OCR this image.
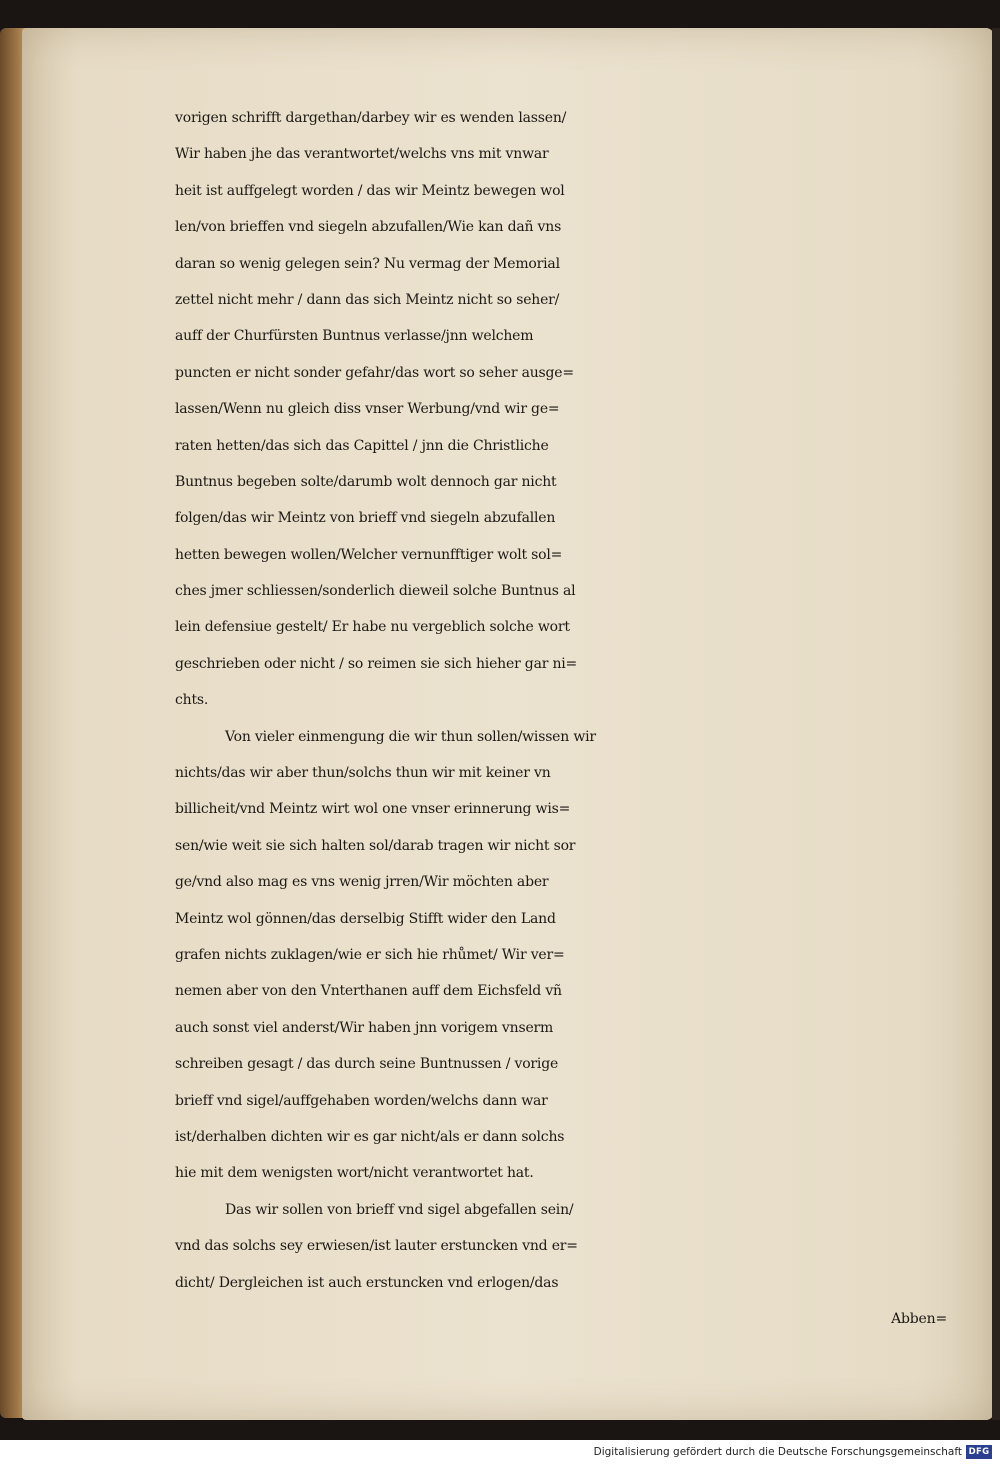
vorigen schrifft dargethan/darbey wir es wenden lassen/
Wir haben jhe das verantwortet/welchs vns mit vnwar
heit ist auffgelegt worden / das wir Meintz bewegen wol
len/von brieffen vnd siegeln abzufallen/Wie kan dañ vns
daran so wenig gelegen sein? Nu vermag der Memorial
zettel nicht mehr / dann das sich Meintz nicht so seher/
auff der Churfürsten Buntnus verlasse/jnn welchem
puncten er nicht sonder gefahr/das wort so seher ausge=
lassen/Wenn nu gleich diss vnser Werbung/vnd wir ge=
raten hetten/das sich das Capittel / jnn die Christliche
Buntnus begeben solte/darumb wolt dennoch gar nicht
folgen/das wir Meintz von brieff vnd siegeln abzufallen
hetten bewegen wollen/Welcher vernunfftiger wolt sol=
ches jmer schliessen/sonderlich dieweil solche Buntnus al
lein defensiue gestelt/ Er habe nu vergeblich solche wort
geschrieben oder nicht / so reimen sie sich hieher gar ni=
chts.
Von vieler einmengung die wir thun sollen/wissen wir
nichts/das wir aber thun/solchs thun wir mit keiner vn
billicheit/vnd Meintz wirt wol one vnser erinnerung wis=
sen/wie weit sie sich halten sol/darab tragen wir nicht sor
ge/vnd also mag es vns wenig jrren/Wir möchten aber
Meintz wol gönnen/das derselbig Stifft wider den Land
grafen nichts zuklagen/wie er sich hie rhůmet/ Wir ver=
nemen aber von den Vnterthanen auff dem Eichsfeld vñ
auch sonst viel anderst/Wir haben jnn vorigem vnserm
schreiben gesagt / das durch seine Buntnussen / vorige
brieff vnd sigel/auffgehaben worden/welchs dann war
ist/derhalben dichten wir es gar nicht/als er dann solchs
hie mit dem wenigsten wort/nicht verantwortet hat.
Das wir sollen von brieff vnd sigel abgefallen sein/
vnd das solchs sey erwiesen/ist lauter erstuncken vnd er=
dicht/ Dergleichen ist auch erstuncken vnd erlogen/das
Abben=
Digitalisierung gefördert durch die Deutsche Forschungsgemeinschaft DFG
